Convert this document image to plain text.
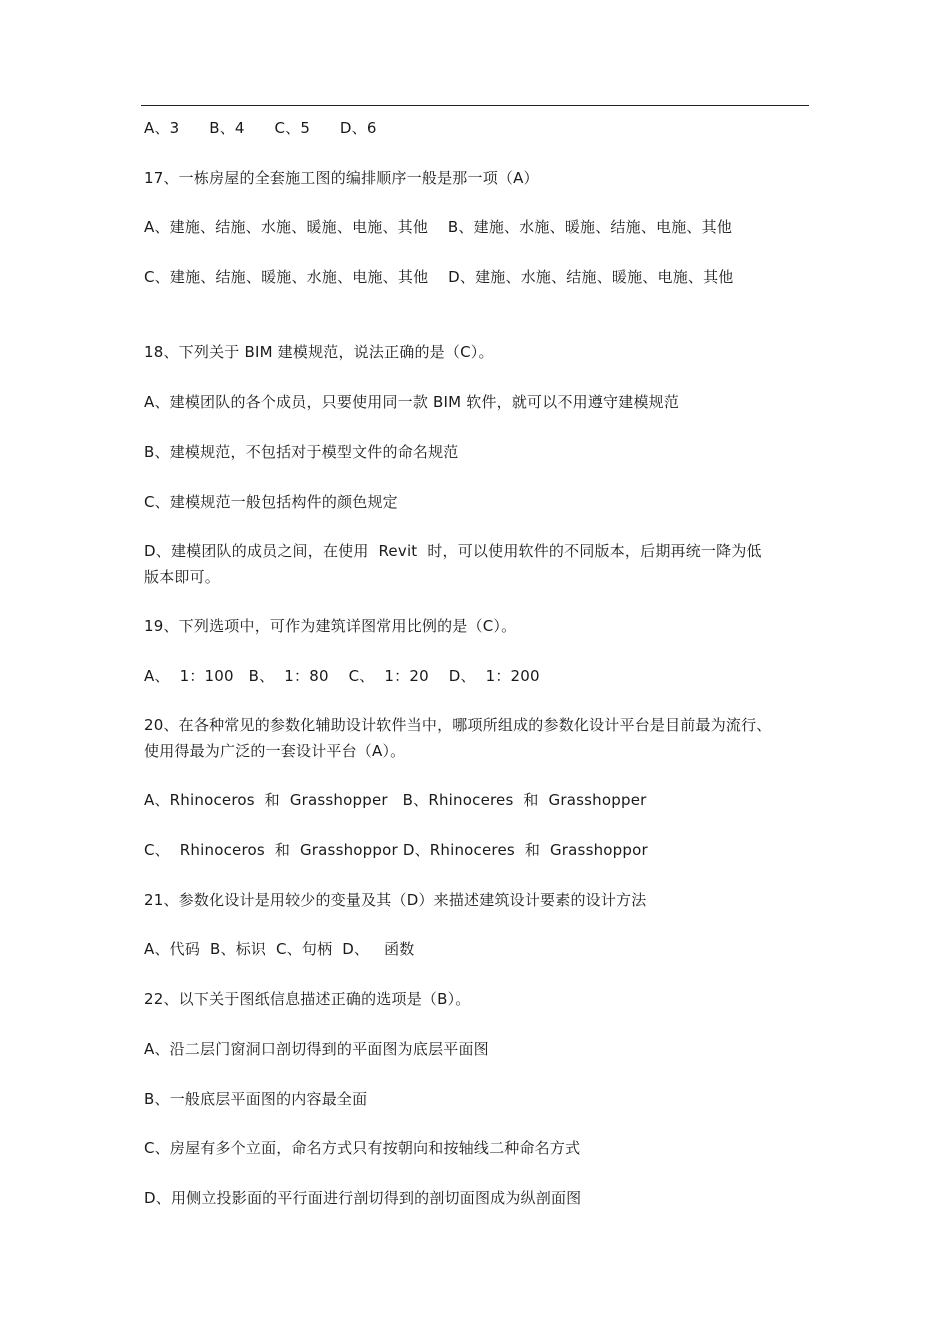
A、3      B、4      C、5      D、6
17、一栋房屋的全套施工图的编排顺序一般是那一项（A）
A、建施、结施、水施、暖施、电施、其他    B、建施、水施、暖施、结施、电施、其他
C、建施、结施、暖施、水施、电施、其他    D、建施、水施、结施、暖施、电施、其他
18、下列关于 BIM 建模规范，说法正确的是（C）。
A、建模团队的各个成员，只要使用同一款 BIM 软件，就可以不用遵守建模规范
B、建模规范，不包括对于模型文件的命名规范
C、建模规范一般包括构件的颜色规定
D、建模团队的成员之间，在使用  Revit  时，可以使用软件的不同版本，后期再统一降为低
版本即可。
19、下列选项中，可作为建筑详图常用比例的是（C）。
A、  1：100   B、  1：80    C、  1：20    D、  1：200
20、在各种常见的参数化辅助设计软件当中，哪项所组成的参数化设计平台是目前最为流行、
使用得最为广泛的一套设计平台（A）。
A、Rhinoceros  和  Grasshopper   B、Rhinoceres  和  Grasshopper
C、  Rhinoceros  和  Grasshoppor D、Rhinoceres  和  Grasshoppor
21、参数化设计是用较少的变量及其（D）来描述建筑设计要素的设计方法
A、代码  B、标识  C、句柄  D、   函数
22、以下关于图纸信息描述正确的选项是（B）。
A、沿二层门窗洞口剖切得到的平面图为底层平面图
B、一般底层平面图的内容最全面
C、房屋有多个立面，命名方式只有按朝向和按轴线二种命名方式
D、用侧立投影面的平行面进行剖切得到的剖切面图成为纵剖面图
